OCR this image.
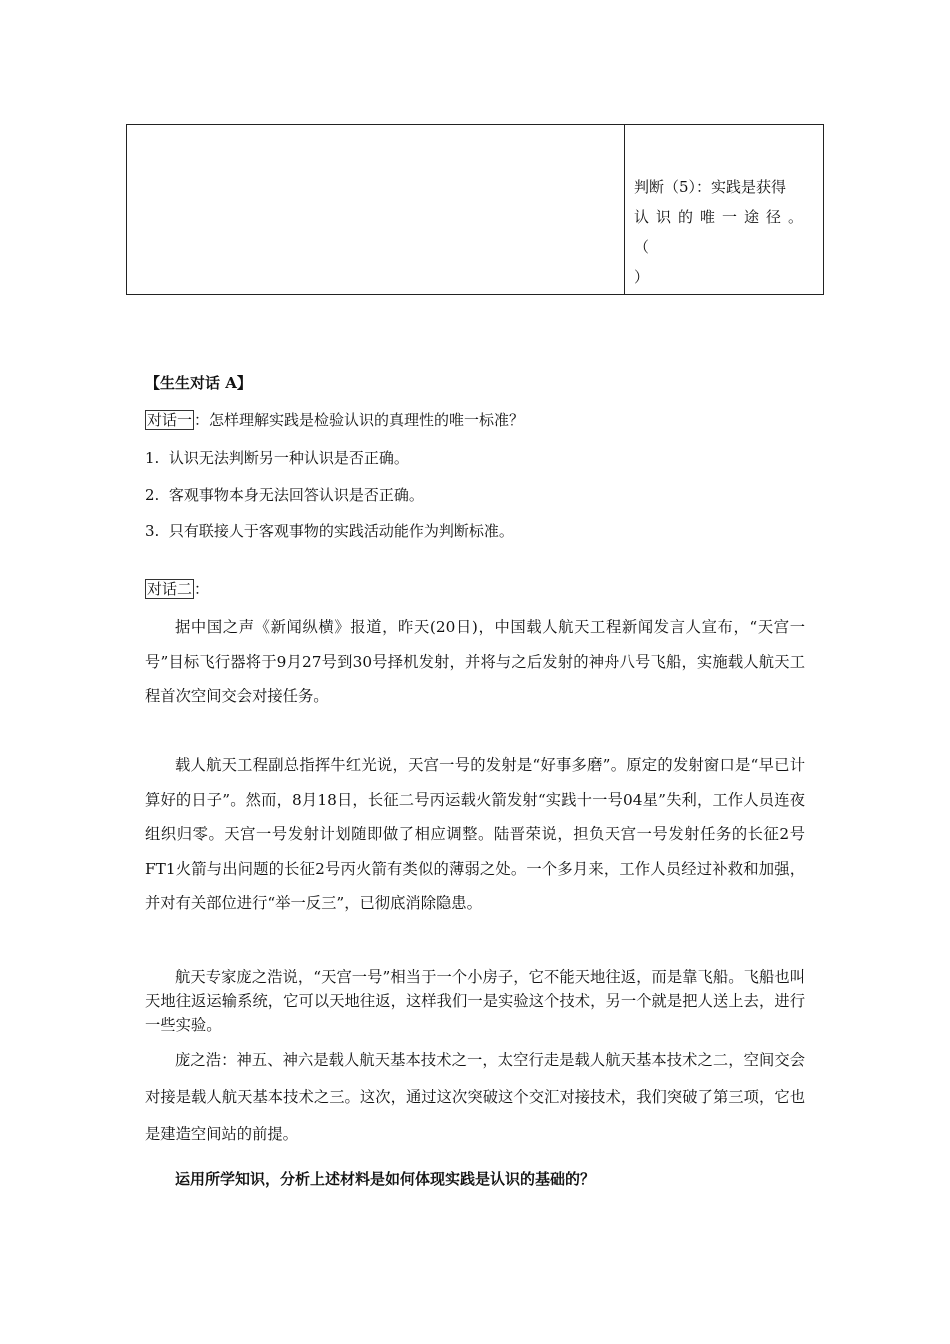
判断（5）：实践是获得
认识的唯一途径。（
）
【生生对话 A】
对话一 ：怎样理解实践是检验认识的真理性的唯一标准？
1.  认识无法判断另一种认识是否正确。
2.  客观事物本身无法回答认识是否正确。
3.  只有联接人于客观事物的实践活动能作为判断标准。
对话二 ：
据中国之声《新闻纵横》报道，昨天(20日)，中国载人航天工程新闻发言人宣布，“天宫一号”目标飞行器将于9月27号到30号择机发射，并将与之后发射的神舟八号飞船，实施载人航天工程首次空间交会对接任务。
载人航天工程副总指挥牛红光说，天宫一号的发射是“好事多磨”。原定的发射窗口是“早已计算好的日子”。然而，8月18日，长征二号丙运载火箭发射“实践十一号04星”失利，工作人员连夜组织归零。天宫一号发射计划随即做了相应调整。陆晋荣说，担负天宫一号发射任务的长征2号FT1火箭与出问题的长征2号丙火箭有类似的薄弱之处。一个多月来，工作人员经过补救和加强，并对有关部位进行“举一反三”，已彻底消除隐患。
航天专家庞之浩说，“天宫一号”相当于一个小房子，它不能天地往返，而是靠飞船。飞船也叫天地往返运输系统，它可以天地往返，这样我们一是实验这个技术，另一个就是把人送上去，进行一些实验。
庞之浩：神五、神六是载人航天基本技术之一，太空行走是载人航天基本技术之二，空间交会对接是载人航天基本技术之三。这次，通过这次突破这个交汇对接技术，我们突破了第三项，它也是建造空间站的前提。
运用所学知识，分析上述材料是如何体现实践是认识的基础的？
